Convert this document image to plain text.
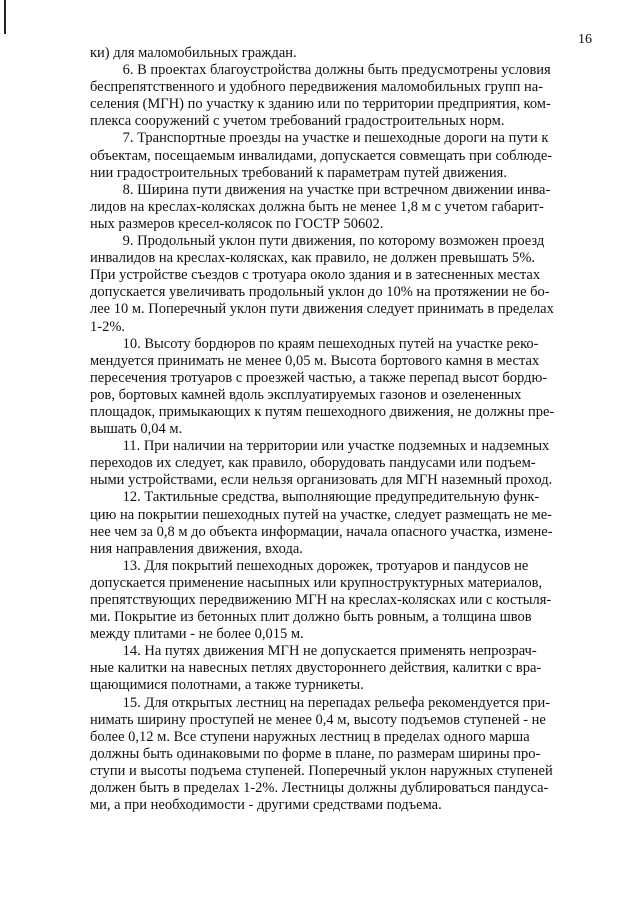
16
ки) для маломобильных граждан.
6. В проектах благоустройства должны быть предусмотрены условия
беспрепятственного и удобного передвижения маломобильных групп на-
селения (МГН) по участку к зданию или по территории предприятия, ком-
плекса сооружений с учетом требований градостроительных норм.
7. Транспортные проезды на участке и пешеходные дороги на пути к
объектам, посещаемым инвалидами, допускается совмещать при соблюде-
нии градостроительных требований к параметрам путей движения.
8. Ширина пути движения на участке при встречном движении инва-
лидов на креслах-колясках должна быть не менее 1,8 м с учетом габарит-
ных размеров кресел-колясок по ГОСТР 50602.
9. Продольный уклон пути движения, по которому возможен проезд
инвалидов на креслах-колясках, как правило, не должен превышать 5%.
При устройстве съездов с тротуара около здания и в затесненных местах
допускается увеличивать продольный уклон до 10% на протяжении не бо-
лее 10 м. Поперечный уклон пути движения следует принимать в пределах
1-2%.
10. Высоту бордюров по краям пешеходных путей на участке реко-
мендуется принимать не менее 0,05 м. Высота бортового камня в местах
пересечения тротуаров с проезжей частью, а также перепад высот бордю-
ров, бортовых камней вдоль эксплуатируемых газонов и озелененных
площадок, примыкающих к путям пешеходного движения, не должны пре-
вышать 0,04 м.
11. При наличии на территории или участке подземных и надземных
переходов их следует, как правило, оборудовать пандусами или подъем-
ными устройствами, если нельзя организовать для МГН наземный проход.
12. Тактильные средства, выполняющие предупредительную функ-
цию на покрытии пешеходных путей на участке, следует размещать не ме-
нее чем за 0,8 м до объекта информации, начала опасного участка, измене-
ния направления движения, входа.
13. Для покрытий пешеходных дорожек, тротуаров и пандусов не
допускается применение насыпных или крупноструктурных материалов,
препятствующих передвижению МГН на креслах-колясках или с костыля-
ми. Покрытие из бетонных плит должно быть ровным, а толщина швов
между плитами - не более 0,015 м.
14. На путях движения МГН не допускается применять непрозрач-
ные калитки на навесных петлях двустороннего действия, калитки с вра-
щающимися полотнами, а также турникеты.
15. Для открытых лестниц на перепадах рельефа рекомендуется при-
нимать ширину проступей не менее 0,4 м, высоту подъемов ступеней - не
более 0,12 м. Все ступени наружных лестниц в пределах одного марша
должны быть одинаковыми по форме в плане, по размерам ширины про-
ступи и высоты подъема ступеней. Поперечный уклон наружных ступеней
должен быть в пределах 1-2%. Лестницы должны дублироваться пандуса-
ми, а при необходимости - другими средствами подъема.
